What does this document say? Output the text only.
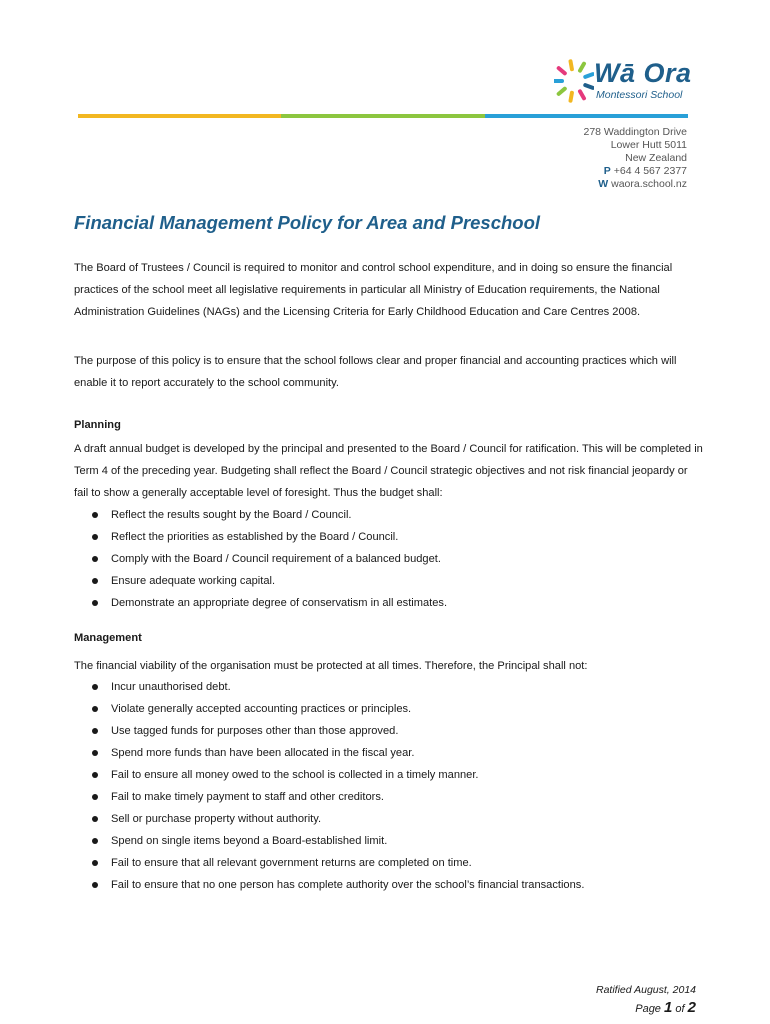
Wā Ora
Montessori School
278 Waddington Drive
Lower Hutt 5011
New Zealand
P +64 4 567 2377
W waora.school.nz
Financial Management Policy for Area and Preschool
The Board of Trustees / Council is required to monitor and control school expenditure, and in doing so ensure the financial practices of the school meet all legislative requirements in particular all Ministry of Education requirements, the National Administration Guidelines (NAGs) and the Licensing Criteria for Early Childhood Education and Care Centres 2008.
The purpose of this policy is to ensure that the school follows clear and proper financial and accounting practices which will enable it to report accurately to the school community.
Planning
A draft annual budget is developed by the principal and presented to the Board / Council for ratification. This will be completed in Term 4 of the preceding year. Budgeting shall reflect the Board / Council strategic objectives and not risk financial jeopardy or fail to show a generally acceptable level of foresight. Thus the budget shall:
Reflect the results sought by the Board / Council.
Reflect the priorities as established by the Board / Council.
Comply with the Board / Council requirement of a balanced budget.
Ensure adequate working capital.
Demonstrate an appropriate degree of conservatism in all estimates.
Management
The financial viability of the organisation must be protected at all times. Therefore, the Principal shall not:
Incur unauthorised debt.
Violate generally accepted accounting practices or principles.
Use tagged funds for purposes other than those approved.
Spend more funds than have been allocated in the fiscal year.
Fail to ensure all money owed to the school is collected in a timely manner.
Fail to make timely payment to staff and other creditors.
Sell or purchase property without authority.
Spend on single items beyond a Board-established limit.
Fail to ensure that all relevant government returns are completed on time.
Fail to ensure that no one person has complete authority over the school’s financial transactions.
Ratified August, 2014
Page 1 of 2
